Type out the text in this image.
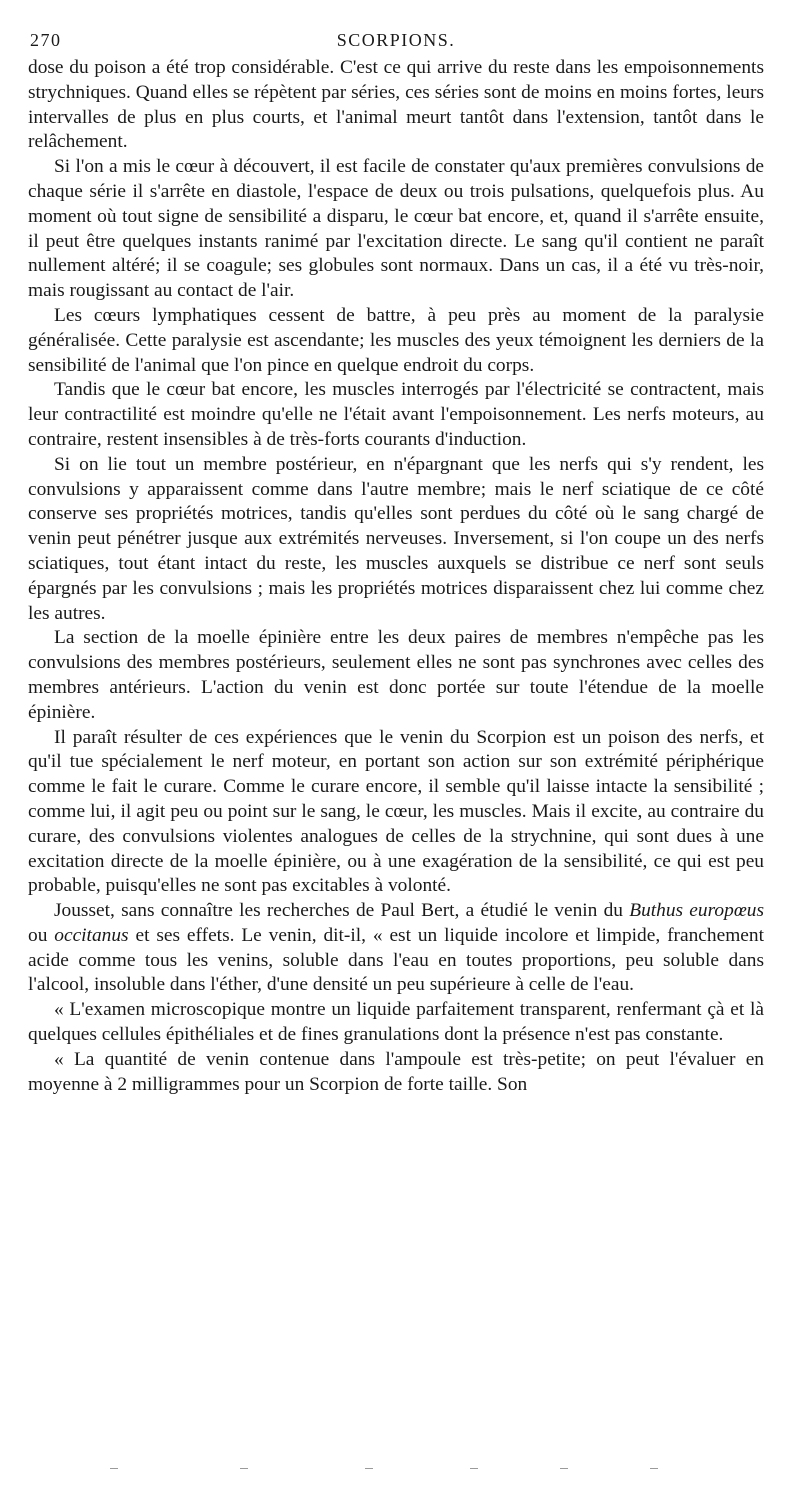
270	SCORPIONS.

dose du poison a été trop considérable. C'est ce qui arrive du reste dans les empoisonnements strychniques. Quand elles se répètent par séries, ces séries sont de moins en moins fortes, leurs intervalles de plus en plus courts, et l'animal meurt tantôt dans l'extension, tantôt dans le relâchement.

Si l'on a mis le cœur à découvert, il est facile de constater qu'aux premières convulsions de chaque série il s'arrête en diastole, l'espace de deux ou trois pulsations, quelquefois plus. Au moment où tout signe de sensibilité a disparu, le cœur bat encore, et, quand il s'arrête ensuite, il peut être quelques instants ranimé par l'excitation directe. Le sang qu'il contient ne paraît nullement altéré; il se coagule; ses globules sont normaux. Dans un cas, il a été vu très-noir, mais rougissant au contact de l'air.

Les cœurs lymphatiques cessent de battre, à peu près au moment de la paralysie généralisée. Cette paralysie est ascendante; les muscles des yeux témoignent les derniers de la sensibilité de l'animal que l'on pince en quelque endroit du corps.

Tandis que le cœur bat encore, les muscles interrogés par l'électricité se contractent, mais leur contractilité est moindre qu'elle ne l'était avant l'empoisonnement. Les nerfs moteurs, au contraire, restent insensibles à de très-forts courants d'induction.

Si on lie tout un membre postérieur, en n'épargnant que les nerfs qui s'y rendent, les convulsions y apparaissent comme dans l'autre membre; mais le nerf sciatique de ce côté conserve ses propriétés motrices, tandis qu'elles sont perdues du côté où le sang chargé de venin peut pénétrer jusque aux extrémités nerveuses. Inversement, si l'on coupe un des nerfs sciatiques, tout étant intact du reste, les muscles auxquels se distribue ce nerf sont seuls épargnés par les convulsions ; mais les propriétés motrices disparaissent chez lui comme chez les autres.

La section de la moelle épinière entre les deux paires de membres n'empêche pas les convulsions des membres postérieurs, seulement elles ne sont pas synchrones avec celles des membres antérieurs. L'action du venin est donc portée sur toute l'étendue de la moelle épinière.

Il paraît résulter de ces expériences que le venin du Scorpion est un poison des nerfs, et qu'il tue spécialement le nerf moteur, en portant son action sur son extrémité périphérique comme le fait le curare. Comme le curare encore, il semble qu'il laisse intacte la sensibilité ; comme lui, il agit peu ou point sur le sang, le cœur, les muscles. Mais il excite, au contraire du curare, des convulsions violentes analogues de celles de la strychnine, qui sont dues à une excitation directe de la moelle épinière, ou à une exagération de la sensibilité, ce qui est peu probable, puisqu'elles ne sont pas excitables à volonté.

Jousset, sans connaître les recherches de Paul Bert, a étudié le venin du Buthus europœus ou occitanus et ses effets. Le venin, dit-il, « est un liquide incolore et limpide, franchement acide comme tous les venins, soluble dans l'eau en toutes proportions, peu soluble dans l'alcool, insoluble dans l'éther, d'une densité un peu supérieure à celle de l'eau.

« L'examen microscopique montre un liquide parfaitement transparent, renfermant çà et là quelques cellules épithéliales et de fines granulations dont la présence n'est pas constante.

« La quantité de venin contenue dans l'ampoule est très-petite; on peut l'évaluer en moyenne à 2 milligrammes pour un Scorpion de forte taille. Son
